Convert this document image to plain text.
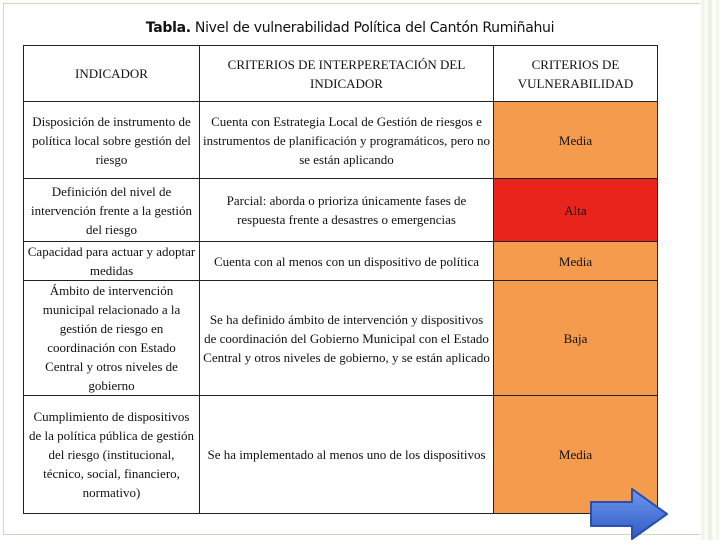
Tabla. Nivel de vulnerabilidad Política del Cantón Rumiñahui
INDICADOR	CRITERIOS DE INTERPERETACIÓN DEL INDICADOR	CRITERIOS DE VULNERABILIDAD
Disposición de instrumento de política local sobre gestión del riesgo	Cuenta con Estrategia Local de Gestión de riesgos e instrumentos de planificación y programáticos, pero no se están aplicando	Media
Definición del nivel de intervención frente a la gestión del riesgo	Parcial: aborda o prioriza únicamente fases de respuesta frente a desastres o emergencias	Alta
Capacidad para actuar y adoptar medidas	Cuenta con al menos con un dispositivo de política	Media
Ámbito de intervención municipal relacionado a la gestión de riesgo en coordinación con Estado Central y otros niveles de gobierno	Se ha definido ámbito de intervención y dispositivos de coordinación del Gobierno Municipal con el Estado Central y otros niveles de gobierno, y se están aplicado	Baja
Cumplimiento de dispositivos de la política pública de gestión del riesgo (institucional, técnico, social, financiero, normativo)	Se ha implementado al menos uno de los dispositivos	Media
